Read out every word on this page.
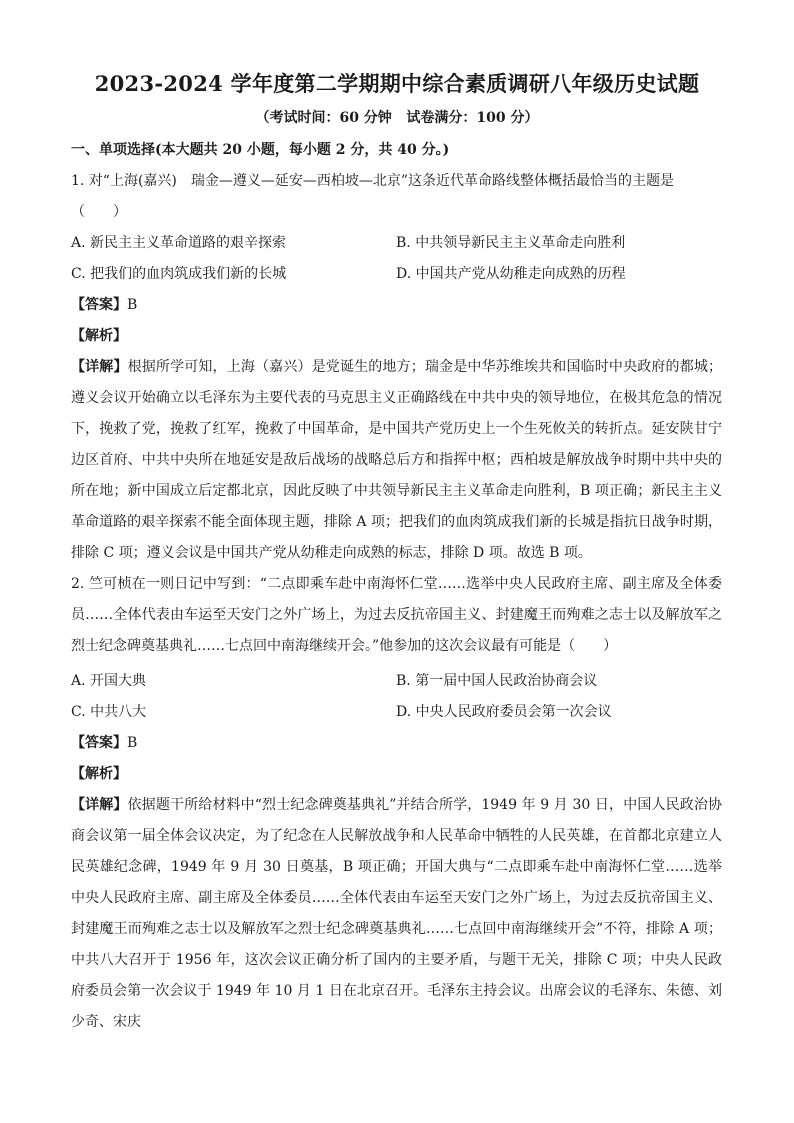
2023-2024 学年度第二学期期中综合素质调研八年级历史试题
（考试时间：60 分钟   试卷满分：100 分）
一、单项选择(本大题共 20 小题，每小题 2 分，共 40 分。)
1. 对“上海(嘉兴)　瑞金—遵义—延安—西柏坡—北京”这条近代革命路线整体概括最恰当的主题是
（　　）
A. 新民主主义革命道路的艰辛探索	B. 中共领导新民主主义革命走向胜利
C. 把我们的血肉筑成我们新的长城	D. 中国共产党从幼稚走向成熟的历程
【答案】B
【解析】
【详解】根据所学可知，上海（嘉兴）是党诞生的地方；瑞金是中华苏维埃共和国临时中央政府的都城；遵义会议开始确立以毛泽东为主要代表的马克思主义正确路线在中共中央的领导地位，在极其危急的情况下，挽救了党，挽救了红军，挽救了中国革命，是中国共产党历史上一个生死攸关的转折点。延安陕甘宁边区首府、中共中央所在地延安是敌后战场的战略总后方和指挥中枢；西柏坡是解放战争时期中共中央的所在地；新中国成立后定都北京，因此反映了中共领导新民主主义革命走向胜利，B 项正确；新民主主义革命道路的艰辛探索不能全面体现主题，排除 A 项；把我们的血肉筑成我们新的长城是指抗日战争时期，排除 C 项；遵义会议是中国共产党从幼稚走向成熟的标志，排除 D 项。故选 B 项。
2. 竺可桢在一则日记中写到：“二点即乘车赴中南海怀仁堂……选举中央人民政府主席、副主席及全体委员……全体代表由车运至天安门之外广场上，为过去反抗帝国主义、封建魔王而殉难之志士以及解放军之烈士纪念碑奠基典礼……七点回中南海继续开会。”他参加的这次会议最有可能是（　　）
A. 开国大典	B. 第一届中国人民政治协商会议
C. 中共八大	D. 中央人民政府委员会第一次会议
【答案】B
【解析】
【详解】依据题干所给材料中“烈士纪念碑奠基典礼”并结合所学，1949 年 9 月 30 日，中国人民政治协商会议第一届全体会议决定，为了纪念在人民解放战争和人民革命中牺牲的人民英雄，在首都北京建立人民英雄纪念碑，1949 年 9 月 30 日奠基，B 项正确；开国大典与“二点即乘车赴中南海怀仁堂……选举中央人民政府主席、副主席及全体委员……全体代表由车运至天安门之外广场上，为过去反抗帝国主义、封建魔王而殉难之志士以及解放军之烈士纪念碑奠基典礼……七点回中南海继续开会”不符，排除 A 项；中共八大召开于 1956 年，这次会议正确分析了国内的主要矛盾，与题干无关，排除 C 项；中央人民政府委员会第一次会议于 1949 年 10 月 1 日在北京召开。毛泽东主持会议。出席会议的毛泽东、朱德、刘少奇、宋庆
